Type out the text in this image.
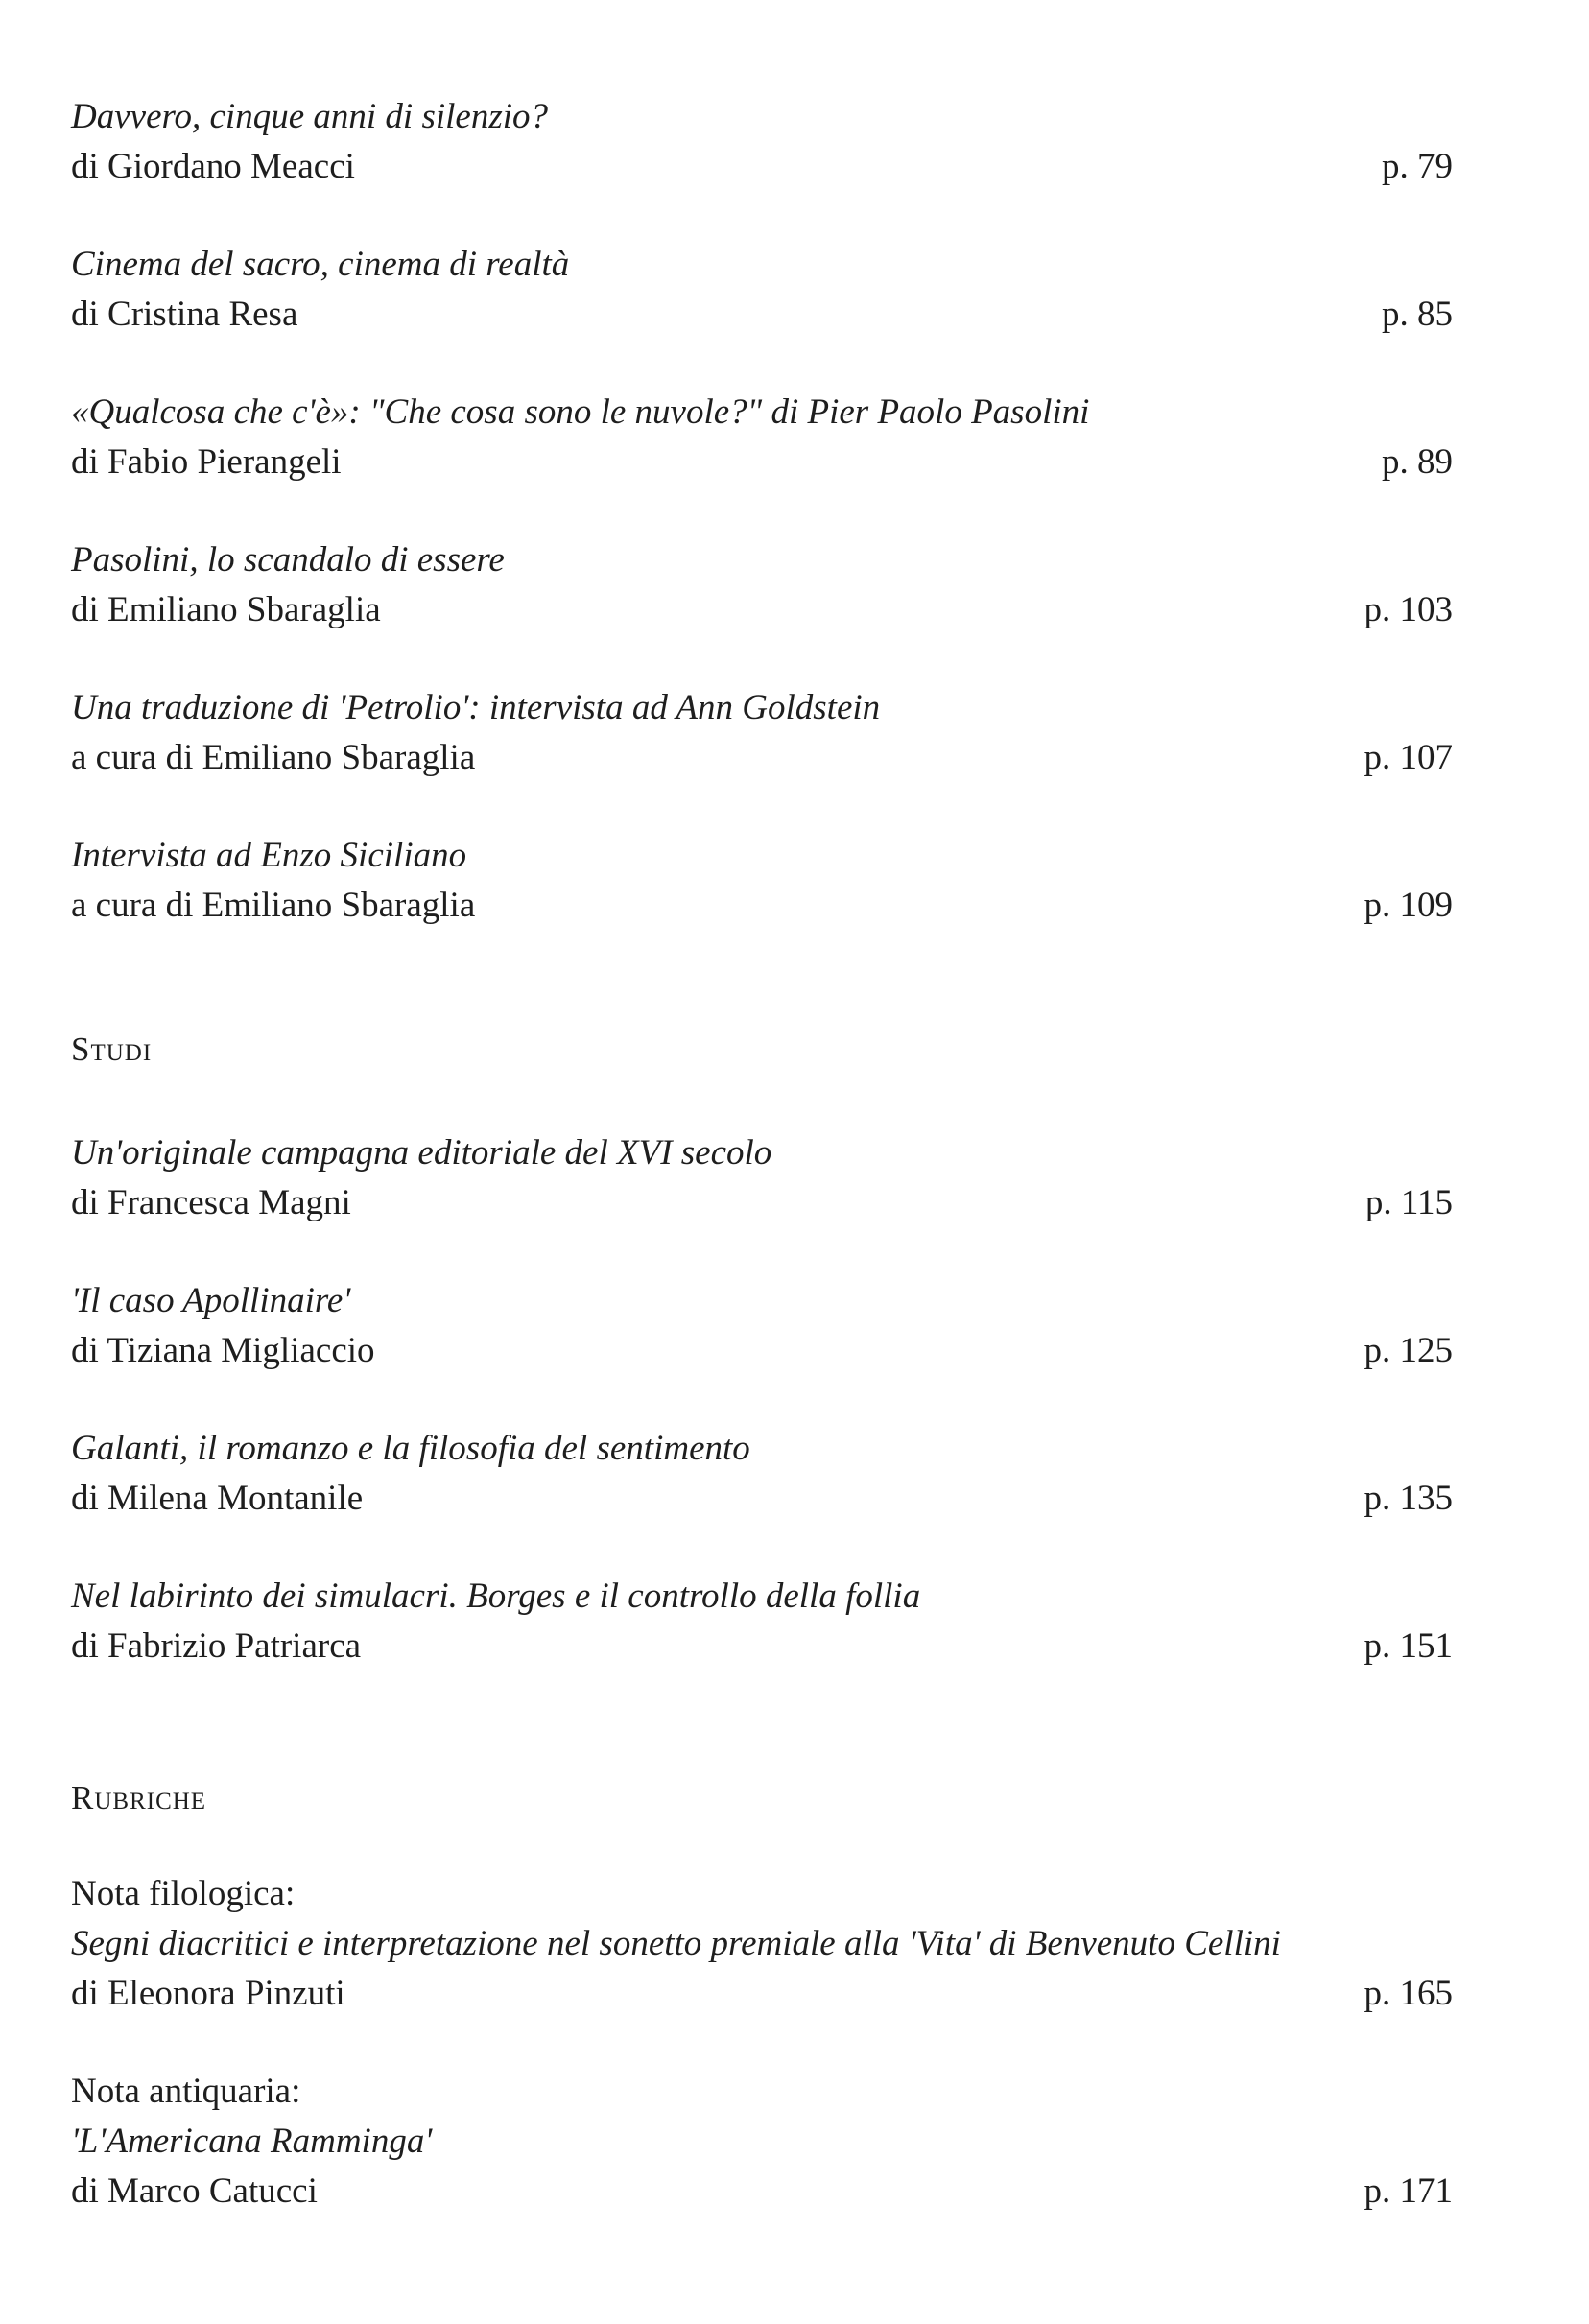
Davvero, cinque anni di silenzio?
di Giordano Meacci	p. 79
Cinema del sacro, cinema di realtà
di Cristina Resa	p. 85
«Qualcosa che c'è»: "Che cosa sono le nuvole?" di Pier Paolo Pasolini
di Fabio Pierangeli	p. 89
Pasolini, lo scandalo di essere
di Emiliano Sbaraglia	p. 103
Una traduzione di 'Petrolio': intervista ad Ann Goldstein
a cura di Emiliano Sbaraglia	p. 107
Intervista ad Enzo Siciliano
a cura di Emiliano Sbaraglia	p. 109
Studi
Un'originale campagna editoriale del XVI secolo
di Francesca Magni	p. 115
'Il caso Apollinaire'
di Tiziana Migliaccio	p. 125
Galanti, il romanzo e la filosofia del sentimento
di Milena Montanile	p. 135
Nel labirinto dei simulacri. Borges e il controllo della follia
di Fabrizio Patriarca	p. 151
Rubriche
Nota filologica:
Segni diacritici e interpretazione nel sonetto premiale alla 'Vita' di Benvenuto Cellini
di Eleonora Pinzuti	p. 165
Nota antiquaria:
'L'Americana Ramminga'
di Marco Catucci	p. 171
